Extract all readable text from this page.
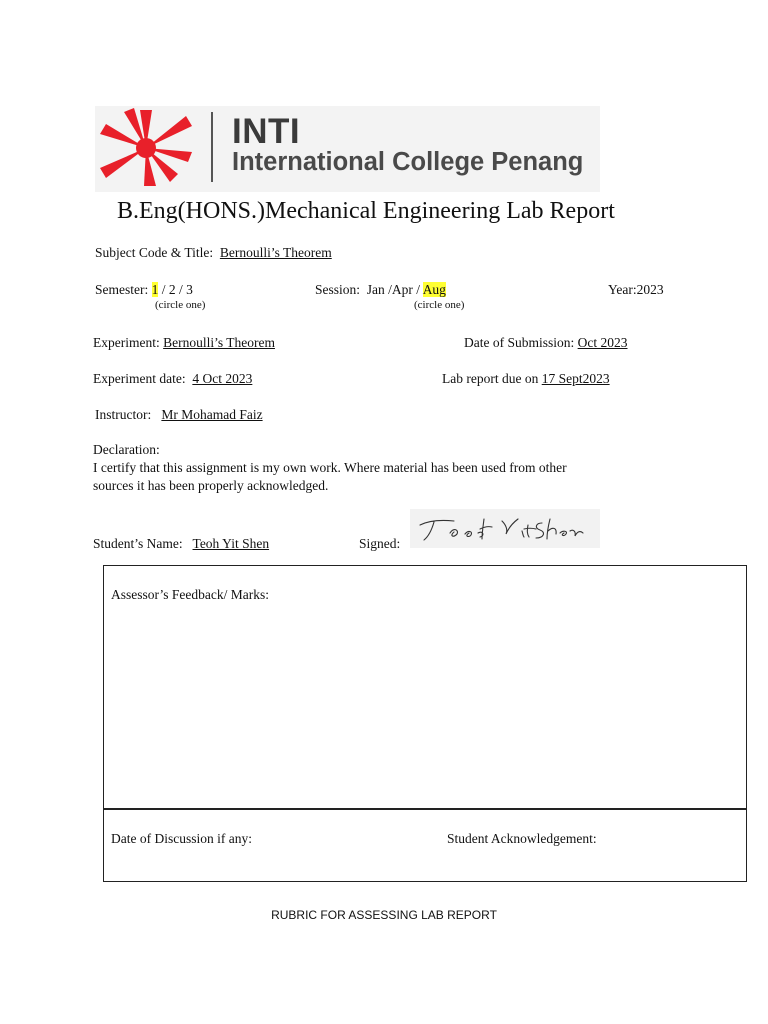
INTI
International College Penang
B.Eng(HONS.)Mechanical Engineering Lab Report
Subject Code & Title: Bernoulli’s Theorem
Semester: 1 / 2 / 3
(circle one)
Session: Jan /Apr / Aug
(circle one)
Year:2023
Experiment: Bernoulli’s Theorem	Date of Submission: Oct 2023
Experiment date: 4 Oct 2023	Lab report due on 17 Sept2023
Instructor: Mr Mohamad Faiz
Declaration:
I certify that this assignment is my own work. Where material has been used from other
sources it has been properly acknowledged.
Student’s Name: Teoh Yit Shen	Signed:
Assessor’s Feedback/ Marks:
Date of Discussion if any:	Student Acknowledgement:
RUBRIC FOR ASSESSING LAB REPORT
